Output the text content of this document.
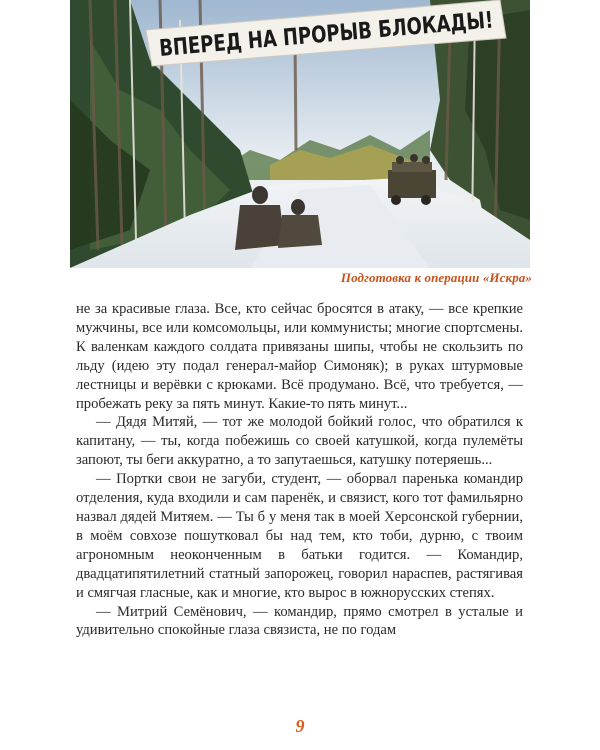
ВПЕРЕД НА ПРОРЫВ БЛОКАДЫ!
Подготовка к операции «Искра»

не за красивые глаза. Все, кто сейчас бросятся в атаку, — все крепкие мужчины, все или комсомольцы, или коммунисты; многие спортсмены. К валенкам каждого солдата привязаны шипы, чтобы не скользить по льду (идею эту подал генерал-майор Симоняк); в руках штурмовые лестницы и верёвки с крюками. Всё продумано. Всё, что требуется, — пробежать реку за пять минут. Какие-то пять минут...

— Дядя Митяй, — тот же молодой бойкий голос, что обратился к капитану, — ты, когда побежишь со своей катушкой, когда пулемёты запоют, ты беги аккуратно, а то запутаешься, катушку потеряешь...

— Портки свои не загуби, студент, — оборвал паренька командир отделения, куда входили и сам паренёк, и связист, кого тот фамильярно назвал дядей Митяем. — Ты б у меня так в моей Херсонской губернии, в моём совхозе пошутковал бы над тем, кто тоби, дурню, с твоим агрономным неоконченным в батьки годится. — Командир, двадцатипятилетний статный запорожец, говорил нараспев, растягивая и смягчая гласные, как и многие, кто вырос в южнорусских степях.

— Митрий Семёнович, — командир, прямо смотрел в усталые и удивительно спокойные глаза связиста, не по годам

9
